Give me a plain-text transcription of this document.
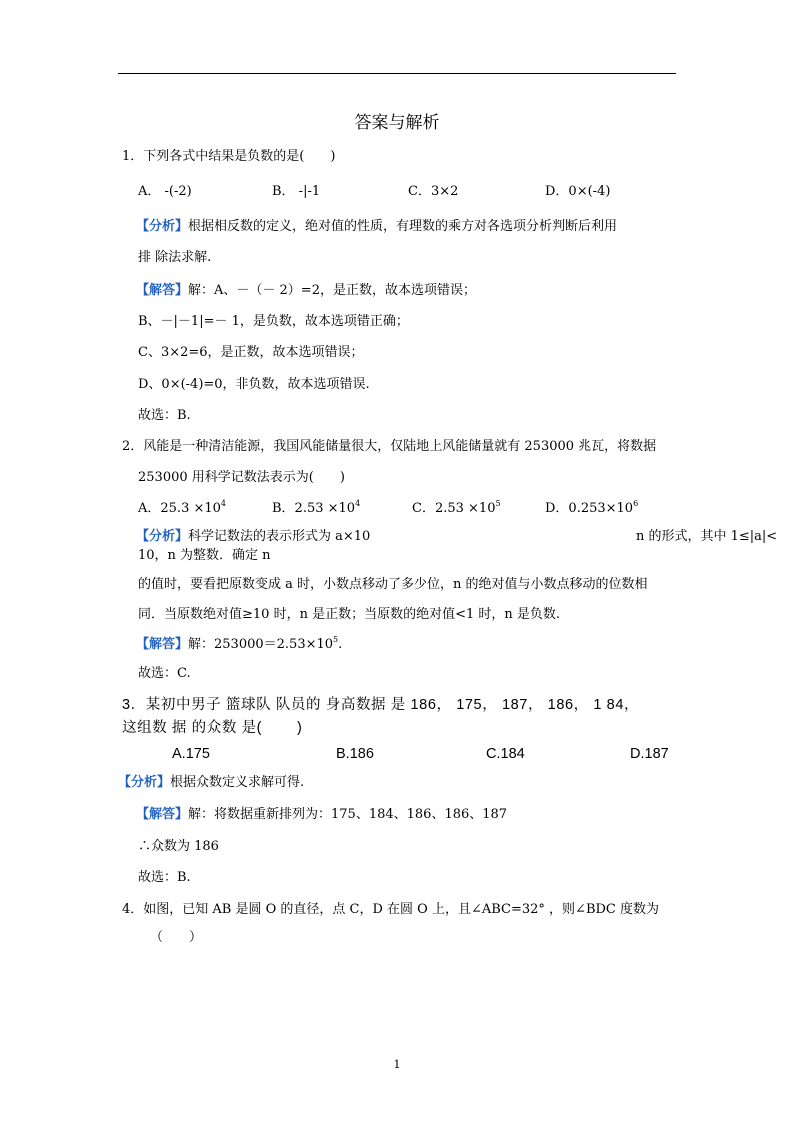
答案与解析
1．下列各式中结果是负数的是(　　)
A． -(-2)	B． -|-1	C．3×2	D．0×(-4)
【分析】根据相反数的定义，绝对值的性质，有理数的乘方对各选项分析判断后利用
排 除法求解.
【解答】解：A、－（－ 2）=2，是正数，故本选项错误；
B、－|－1|=－ 1，是负数，故本选项错正确；
C、3×2=6，是正数，故本选项错误；
D、0×(-4)=0，非负数，故本选项错误.
故选：B.
2．风能是一种清洁能源，我国风能储量很大，仅陆地上风能储量就有 253000 兆瓦，将数据
253000 用科学记数法表示为(　　)
A．$25.3 \times 10^4$	B．$2.53 \times 10^4$	C．$2.53 \times 10^5$	D．$0.253\times 10^6$
【分析】科学记数法的表示形式为 a×10	n 的形式，其中 1≤|a|<
10，n 为整数．确定 n
的值时，要看把原数变成 a 时，小数点移动了多少位，n 的绝对值与小数点移动的位数相
同．当原数绝对值≥10 时，n 是正数；当原数的绝对值<1 时，n 是负数.
【解答】解：$253000=2.53\times 10^5$.
故选：C.
3．某初中男子 篮球队 队员的 身高数据 是 186， 175， 187， 186， 1 84，
这组数 据 的众数 是(　　 )
A.175	B.186	C.184	D.187
【分析】根据众数定义求解可得.
【解答】解：将数据重新排列为：175、184、186、186、187
∴众数为 186
故选：B.
4．如图，已知 AB 是圆 O 的直径，点 C，D 在圆 O 上，且∠ABC=32° ，则∠BDC 度数为
（　　）
1
